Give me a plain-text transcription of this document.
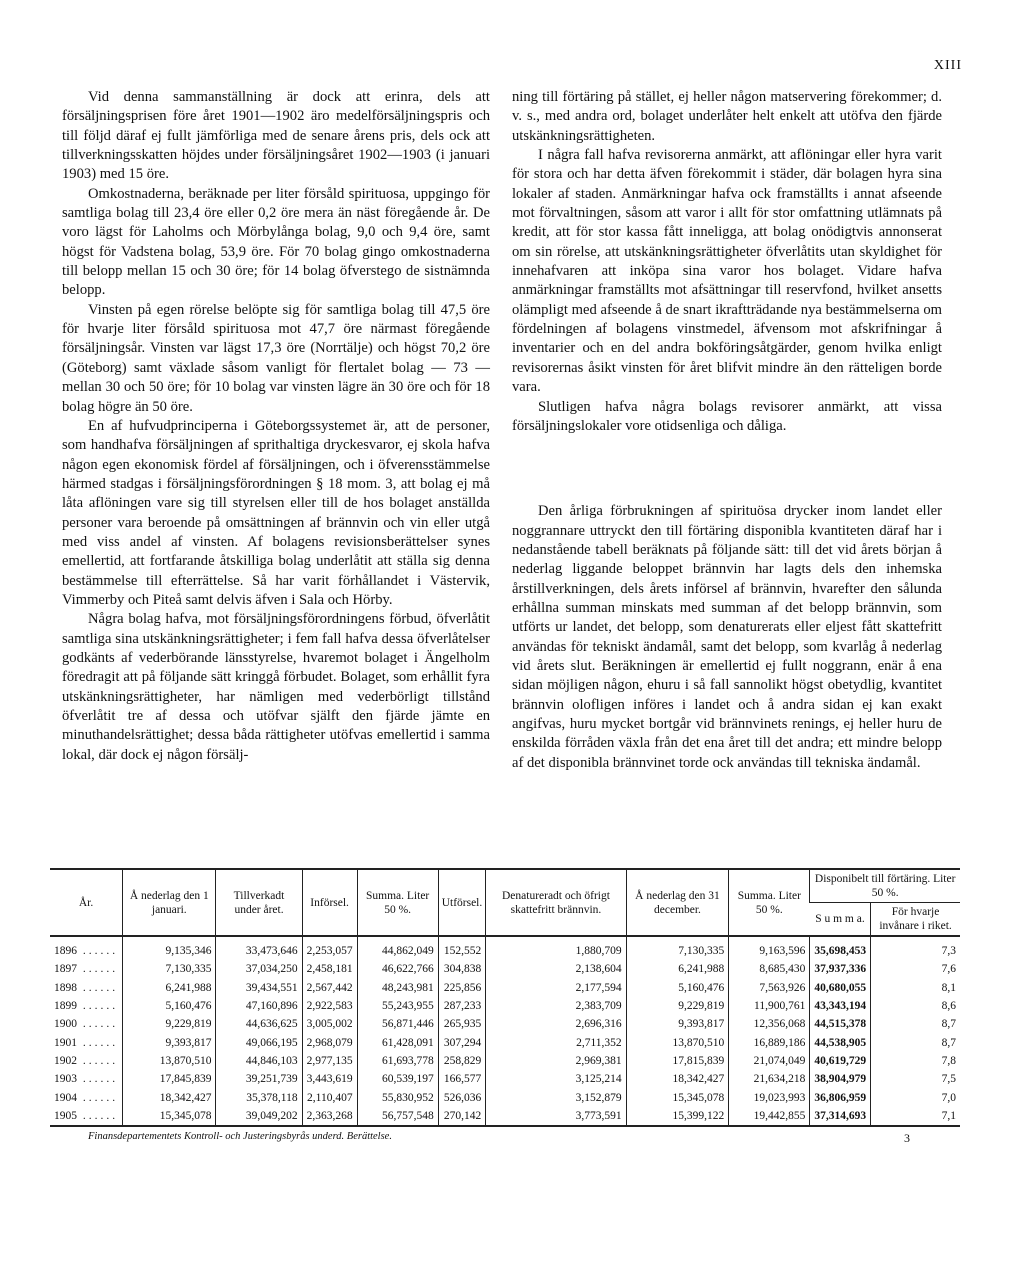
XIII

Vid denna sammanställning är dock att erinra, dels att försäljningsprisen före året 1901—1902 äro medelförsäljningspris och till följd däraf ej fullt jämförliga med de senare årens pris, dels ock att tillverkningsskatten höjdes under försäljningsåret 1902—1903 (i januari 1903) med 15 öre.

Omkostnaderna, beräknade per liter försåld spirituosa, uppgingo för samtliga bolag till 23,4 öre eller 0,2 öre mera än näst föregående år. De voro lägst för Laholms och Mörbylånga bolag, 9,0 och 9,4 öre, samt högst för Vadstena bolag, 53,9 öre. För 70 bolag gingo omkostnaderna till belopp mellan 15 och 30 öre; för 14 bolag öfverstego de sistnämnda belopp.

Vinsten på egen rörelse belöpte sig för samtliga bolag till 47,5 öre för hvarje liter försåld spirituosa mot 47,7 öre närmast föregående försäljningsår. Vinsten var lägst 17,3 öre (Norrtälje) och högst 70,2 öre (Göteborg) samt växlade såsom vanligt för flertalet bolag — 73 — mellan 30 och 50 öre; för 10 bolag var vinsten lägre än 30 öre och för 18 bolag högre än 50 öre.

En af hufvudprinciperna i Göteborgssystemet är, att de personer, som handhafva försäljningen af sprithaltiga dryckesvaror, ej skola hafva någon egen ekonomisk fördel af försäljningen, och i öfverensstämmelse härmed stadgas i försäljningsförordningen § 18 mom. 3, att bolag ej må låta aflöningen vare sig till styrelsen eller till de hos bolaget anställda personer vara beroende på omsättningen af brännvin och vin eller utgå med viss andel af vinsten. Af bolagens revisionsberättelser synes emellertid, att fortfarande åtskilliga bolag underlåtit att ställa sig denna bestämmelse till efterrättelse. Så har varit förhållandet i Västervik, Vimmerby och Piteå samt delvis äfven i Sala och Hörby.

Några bolag hafva, mot försäljningsförordningens förbud, öfverlåtit samtliga sina utskänkningsrättigheter; i fem fall hafva dessa öfverlåtelser godkänts af vederbörande länsstyrelse, hvaremot bolaget i Ängelholm föredragit att på följande sätt kringgå förbudet. Bolaget, som erhållit fyra utskänkningsrättigheter, har nämligen med vederbörligt tillstånd öfverlåtit tre af dessa och utöfvar själft den fjärde jämte en minuthandelsrättighet; dessa båda rättigheter utöfvas emellertid i samma lokal, där dock ej någon försälj-

ning till förtäring på stället, ej heller någon matservering förekommer; d. v. s., med andra ord, bolaget underlåter helt enkelt att utöfva den fjärde utskänkningsrättigheten.

I några fall hafva revisorerna anmärkt, att aflöningar eller hyra varit för stora och har detta äfven förekommit i städer, där bolagen hyra sina lokaler af staden. Anmärkningar hafva ock framställts i annat afseende mot förvaltningen, såsom att varor i allt för stor omfattning utlämnats på kredit, att för stor kassa fått inneligga, att bolag onödigtvis annonserat om sin rörelse, att utskänkningsrättigheter öfverlåtits utan skyldighet för innehafvaren att inköpa sina varor hos bolaget. Vidare hafva anmärkningar framställts mot afsättningar till reservfond, hvilket ansetts olämpligt med afseende å de snart ikraftträdande nya bestämmelserna om fördelningen af bolagens vinstmedel, äfvensom mot afskrifningar å inventarier och en del andra bokföringsåtgärder, genom hvilka enligt revisorernas åsikt vinsten för året blifvit mindre än den rätteligen borde vara.

Slutligen hafva några bolags revisorer anmärkt, att vissa försäljningslokaler vore otidsenliga och dåliga.

Den årliga förbrukningen af spirituösa drycker inom landet eller noggrannare uttryckt den till förtäring disponibla kvantiteten däraf har i nedanstående tabell beräknats på följande sätt: till det vid årets början å nederlag liggande beloppet brännvin har lagts dels den inhemska årstillverkningen, dels årets införsel af brännvin, hvarefter den sålunda erhållna summan minskats med summan af det belopp brännvin, som utförts ur landet, det belopp, som denaturerats eller eljest fått skattefritt användas för tekniskt ändamål, samt det belopp, som kvarlåg å nederlag vid årets slut. Beräkningen är emellertid ej fullt noggrann, enär å ena sidan möjligen någon, ehuru i så fall sannolikt högst obetydlig, kvantitet brännvin olofligen införes i landet och å andra sidan ej kan exakt angifvas, huru mycket bortgår vid brännvinets renings, ej heller huru de enskilda förråden växla från det ena året till det andra; ett mindre belopp af det disponibla brännvinet torde ock användas till tekniska ändamål.

År.	Å nederlag den 1 januari.	Tillverkadt under året.	Införsel.	Summa. Liter 50 %.	Utförsel.	Denatureradt och öfrigt skattefritt brännvin.	Å nederlag den 31 december.	Summa. Liter 50 %.	Disponibelt till förtäring. Liter 50 %.	
									S u m m a.	För hvarje invånare i riket.
1896 ......	9,135,346	33,473,646	2,253,057	44,862,049	152,552	1,880,709	7,130,335	9,163,596	35,698,453	7,3
1897 ......	7,130,335	37,034,250	2,458,181	46,622,766	304,838	2,138,604	6,241,988	8,685,430	37,937,336	7,6
1898 ......	6,241,988	39,434,551	2,567,442	48,243,981	225,856	2,177,594	5,160,476	7,563,926	40,680,055	8,1
1899 ......	5,160,476	47,160,896	2,922,583	55,243,955	287,233	2,383,709	9,229,819	11,900,761	43,343,194	8,6
1900 ......	9,229,819	44,636,625	3,005,002	56,871,446	265,935	2,696,316	9,393,817	12,356,068	44,515,378	8,7
1901 ......	9,393,817	49,066,195	2,968,079	61,428,091	307,294	2,711,352	13,870,510	16,889,186	44,538,905	8,7
1902 ......	13,870,510	44,846,103	2,977,135	61,693,778	258,829	2,969,381	17,815,839	21,074,049	40,619,729	7,8
1903 ......	17,845,839	39,251,739	3,443,619	60,539,197	166,577	3,125,214	18,342,427	21,634,218	38,904,979	7,5
1904 ......	18,342,427	35,378,118	2,110,407	55,830,952	526,036	3,152,879	15,345,078	19,023,993	36,806,959	7,0
1905 ......	15,345,078	39,049,202	2,363,268	56,757,548	270,142	3,773,591	15,399,122	19,442,855	37,314,693	7,1
Finansdepartementets Kontroll- och Justeringsbyrås underd. Berättelse.	3
